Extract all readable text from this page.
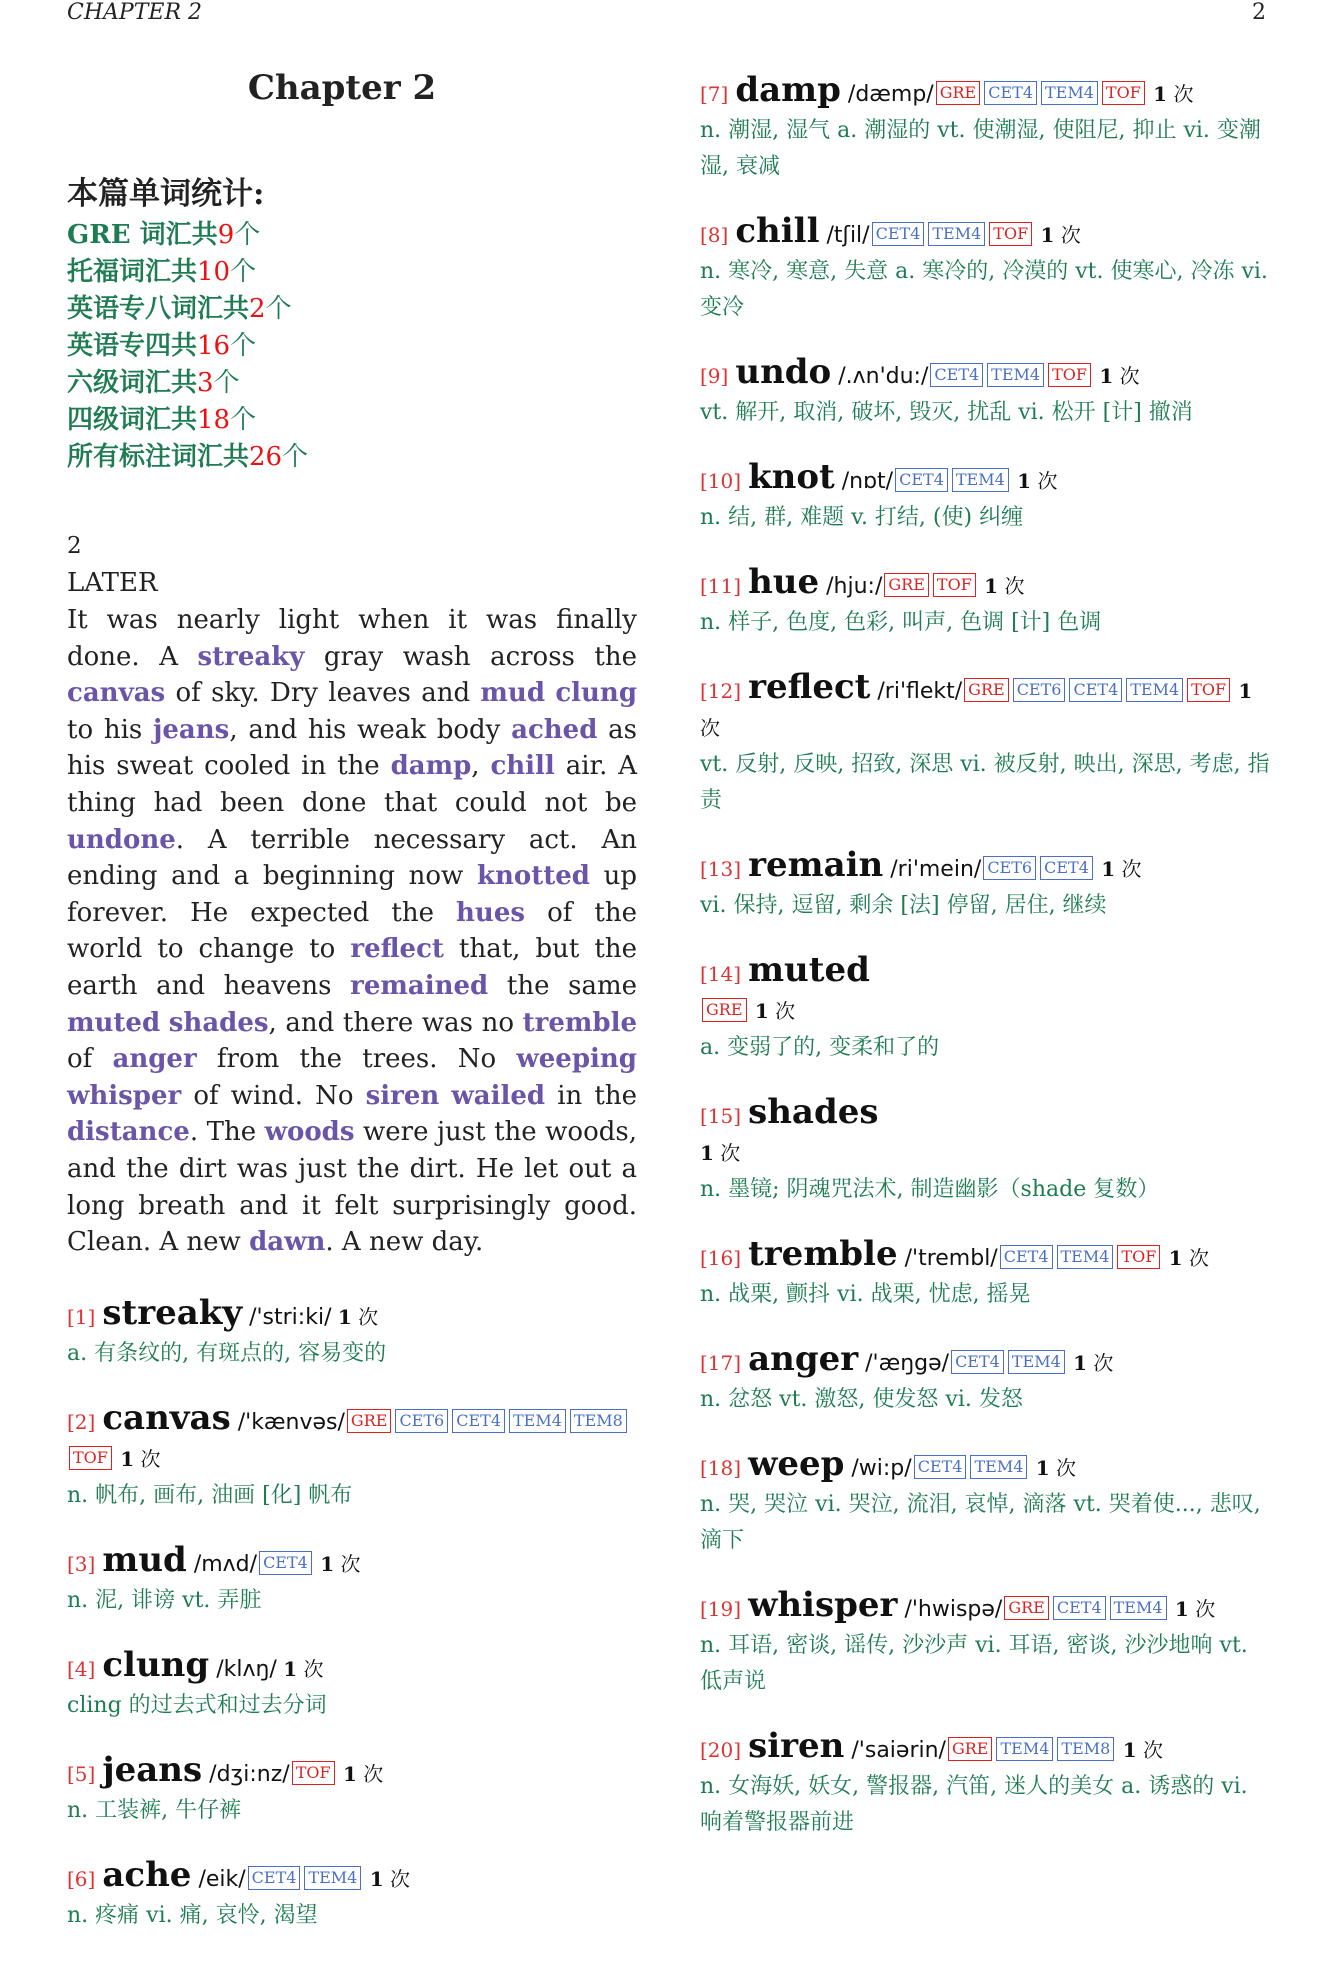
CHAPTER 2	2
Chapter 2
本篇单词统计:
GRE 词汇共9个
托福词汇共10个
英语专八词汇共2个
英语专四共16个
六级词汇共3个
四级词汇共18个
所有标注词汇共26个
2
LATER
It was nearly light when it was finally done. A streaky gray wash across the canvas of sky. Dry leaves and mud clung to his jeans, and his weak body ached as his sweat cooled in the damp, chill air. A thing had been done that could not be undone. A terrible necessary act. An ending and a beginning now knotted up forever. He expected the hues of the world to change to reflect that, but the earth and heavens remained the same muted shades, and there was no tremble of anger from the trees. No weeping whisper of wind. No siren wailed in the distance. The woods were just the woods, and the dirt was just the dirt. He let out a long breath and it felt surprisingly good. Clean. A new dawn. A new day.
[1] streaky /'stri:ki/ 1 次
a. 有条纹的, 有斑点的, 容易变的
[2] canvas /'kænvəs/ GRE CET6 CET4 TEM4 TEM8TOF 1 次
n. 帆布, 画布, 油画 [化] 帆布
[3] mud /mʌd/ CET4 1 次
n. 泥, 诽谤 vt. 弄脏
[4] clung /klʌŋ/ 1 次
cling 的过去式和过去分词
[5] jeans /dʒi:nz/ TOF 1 次
n. 工装裤, 牛仔裤
[6] ache /eik/ CET4 TEM4 1 次
n. 疼痛 vi. 痛, 哀怜, 渴望
[7] damp /dæmp/ GRE CET4 TEM4 TOF 1 次
n. 潮湿, 湿气 a. 潮湿的 vt. 使潮湿, 使阻尼, 抑止 vi. 变潮湿, 衰减
[8] chill /tʃil/ CET4 TEM4 TOF 1 次
n. 寒冷, 寒意, 失意 a. 寒冷的, 冷漠的 vt. 使寒心, 冷冻 vi. 变冷
[9] undo /.ʌn'du:/ CET4 TEM4 TOF 1 次
vt. 解开, 取消, 破坏, 毁灭, 扰乱 vi. 松开 [计] 撤消
[10] knot /nɒt/ CET4 TEM4 1 次
n. 结, 群, 难题 v. 打结, (使) 纠缠
[11] hue /hju:/ GRE TOF 1 次
n. 样子, 色度, 色彩, 叫声, 色调 [计] 色调
[12] reflect /ri'flekt/ GRE CET6 CET4 TEM4 TOF 1 次
vt. 反射, 反映, 招致, 深思 vi. 被反射, 映出, 深思, 考虑, 指责
[13] remain /ri'mein/ CET6 CET4 1 次
vi. 保持, 逗留, 剩余 [法] 停留, 居住, 继续
[14] muted
GRE 1 次
a. 变弱了的, 变柔和了的
[15] shades
1 次
n. 墨镜; 阴魂咒法术, 制造幽影（shade 复数）
[16] tremble /'trembl/ CET4 TEM4 TOF 1 次
n. 战栗, 颤抖 vi. 战栗, 忧虑, 摇晃
[17] anger /'æŋgə/ CET4 TEM4 1 次
n. 忿怒 vt. 激怒, 使发怒 vi. 发怒
[18] weep /wi:p/ CET4 TEM4 1 次
n. 哭, 哭泣 vi. 哭泣, 流泪, 哀悼, 滴落 vt. 哭着使..., 悲叹, 滴下
[19] whisper /'hwispə/ GRE CET4 TEM4 1 次
n. 耳语, 密谈, 谣传, 沙沙声 vi. 耳语, 密谈, 沙沙地响 vt. 低声说
[20] siren /'saiərin/ GRE TEM4 TEM8 1 次
n. 女海妖, 妖女, 警报器, 汽笛, 迷人的美女 a. 诱惑的 vi. 响着警报器前进
